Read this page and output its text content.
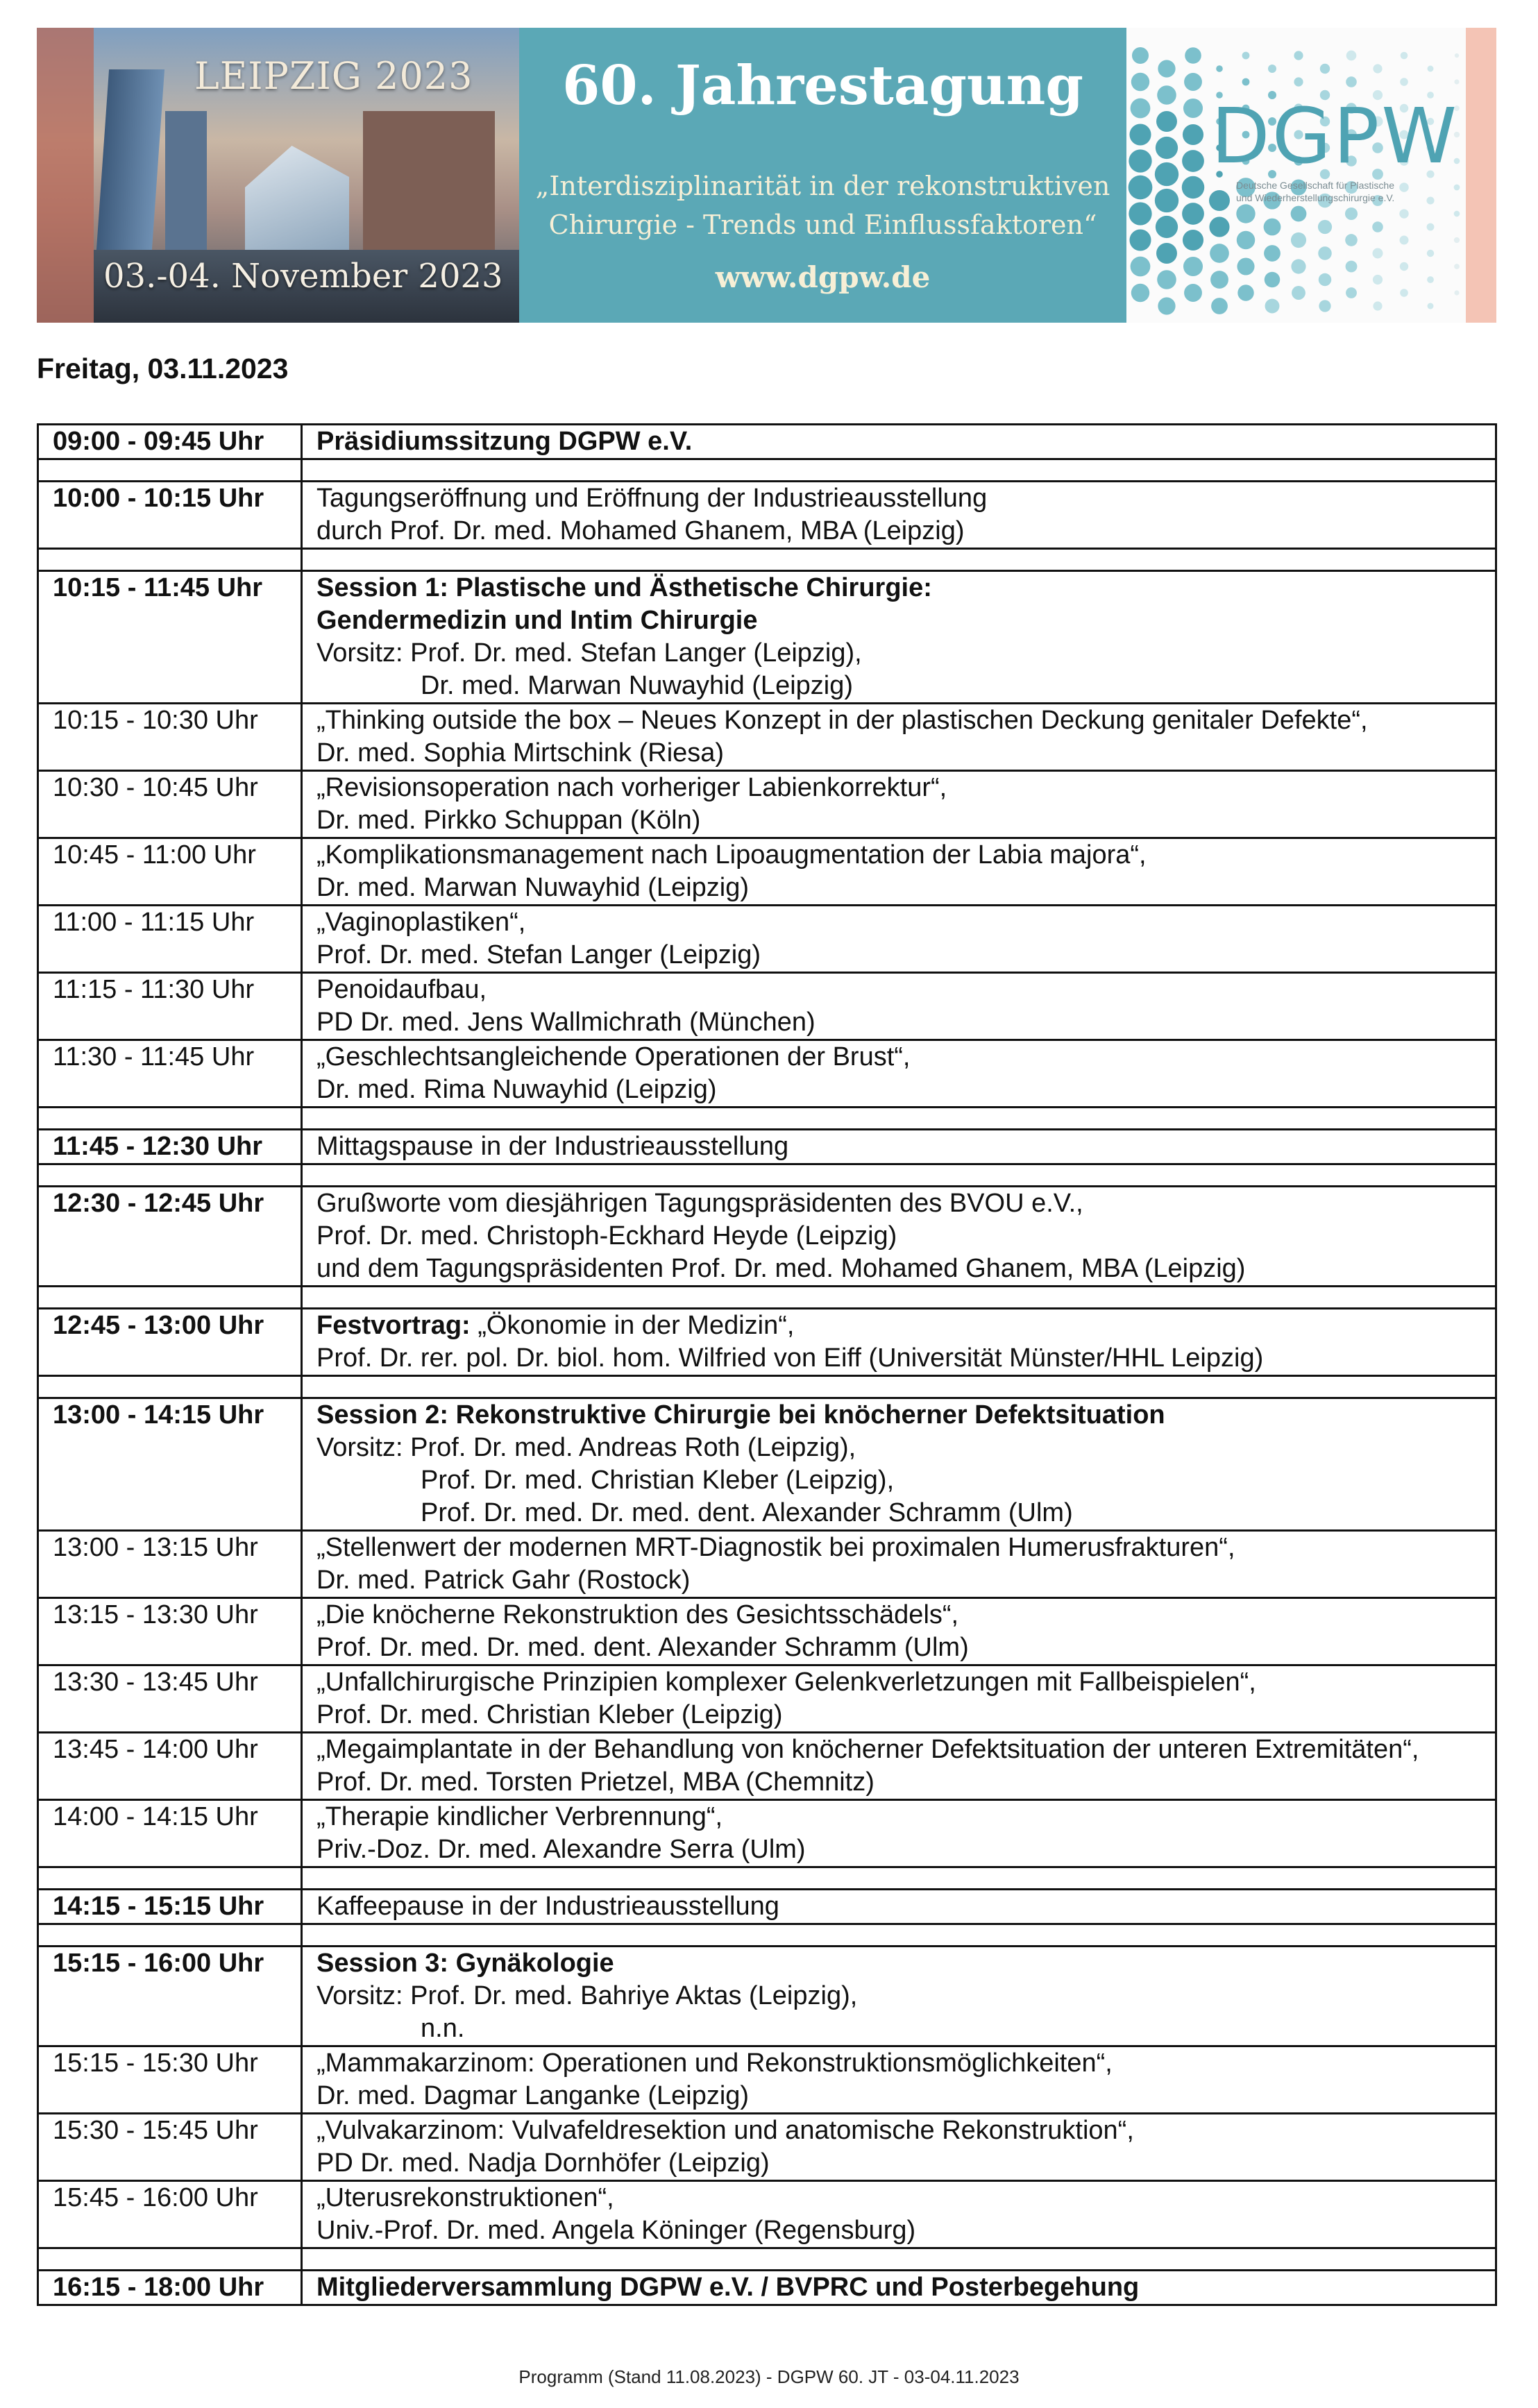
LEIPZIG 2023
03.-04. November 2023
60. Jahrestagung
„Interdisziplinarität in der rekonstruktiven
Chirurgie - Trends und Einflussfaktoren“
www.dgpw.de
DGPW
Deutsche Gesellschaft für Plastische
und Wiederherstellungschirurgie e.V.
Freitag, 03.11.2023
09:00 - 09:45 Uhr	Präsidiumssitzung DGPW e.V.

10:00 - 10:15 Uhr	Tagungseröffnung und Eröffnung der Industrieausstellung
durch Prof. Dr. med. Mohamed Ghanem, MBA (Leipzig)

10:15 - 11:45 Uhr	Session 1: Plastische und Ästhetische Chirurgie:
Gendermedizin und Intim Chirurgie
Vorsitz: Prof. Dr. med. Stefan Langer (Leipzig),
Dr. med. Marwan Nuwayhid (Leipzig)

10:15 - 10:30 Uhr	„Thinking outside the box – Neues Konzept in der plastischen Deckung genitaler Defekte“,
Dr. med. Sophia Mirtschink (Riesa)

10:30 - 10:45 Uhr	„Revisionsoperation nach vorheriger Labienkorrektur“,
Dr. med. Pirkko Schuppan (Köln)

10:45 - 11:00 Uhr	„Komplikationsmanagement nach Lipoaugmentation der Labia majora“,
Dr. med. Marwan Nuwayhid (Leipzig)

11:00 - 11:15 Uhr	„Vaginoplastiken“,
Prof. Dr. med. Stefan Langer (Leipzig)

11:15 - 11:30 Uhr	Penoidaufbau,
PD Dr. med. Jens Wallmichrath (München)

11:30 - 11:45 Uhr	„Geschlechtsangleichende Operationen der Brust“,
Dr. med. Rima Nuwayhid (Leipzig)

11:45 - 12:30 Uhr	Mittagspause in der Industrieausstellung

12:30 - 12:45 Uhr	Grußworte vom diesjährigen Tagungspräsidenten des BVOU e.V.,
Prof. Dr. med. Christoph-Eckhard Heyde (Leipzig)
und dem Tagungspräsidenten Prof. Dr. med. Mohamed Ghanem, MBA (Leipzig)

12:45 - 13:00 Uhr	Festvortrag: „Ökonomie in der Medizin“,
Prof. Dr. rer. pol. Dr. biol. hom. Wilfried von Eiff (Universität Münster/HHL Leipzig)

13:00 - 14:15 Uhr	Session 2: Rekonstruktive Chirurgie bei knöcherner Defektsituation
Vorsitz: Prof. Dr. med. Andreas Roth (Leipzig),
Prof. Dr. med. Christian Kleber (Leipzig),
Prof. Dr. med. Dr. med. dent. Alexander Schramm (Ulm)

13:00 - 13:15 Uhr	„Stellenwert der modernen MRT-Diagnostik bei proximalen Humerusfrakturen“,
Dr. med. Patrick Gahr (Rostock)

13:15 - 13:30 Uhr	„Die knöcherne Rekonstruktion des Gesichtsschädels“,
Prof. Dr. med. Dr. med. dent. Alexander Schramm (Ulm)

13:30 - 13:45 Uhr	„Unfallchirurgische Prinzipien komplexer Gelenkverletzungen mit Fallbeispielen“,
Prof. Dr. med. Christian Kleber (Leipzig)

13:45 - 14:00 Uhr	„Megaimplantate in der Behandlung von knöcherner Defektsituation der unteren Extremitäten“,
Prof. Dr. med. Torsten Prietzel, MBA (Chemnitz)

14:00 - 14:15 Uhr	„Therapie kindlicher Verbrennung“,
Priv.-Doz. Dr. med. Alexandre Serra (Ulm)

14:15 - 15:15 Uhr	Kaffeepause in der Industrieausstellung

15:15 - 16:00 Uhr	Session 3: Gynäkologie
Vorsitz: Prof. Dr. med. Bahriye Aktas (Leipzig),
n.n.

15:15 - 15:30 Uhr	„Mammakarzinom: Operationen und Rekonstruktionsmöglichkeiten“,
Dr. med. Dagmar Langanke (Leipzig)

15:30 - 15:45 Uhr	„Vulvakarzinom: Vulvafeldresektion und anatomische Rekonstruktion“,
PD Dr. med. Nadja Dornhöfer (Leipzig)

15:45 - 16:00 Uhr	„Uterusrekonstruktionen“,
Univ.-Prof. Dr. med. Angela Köninger (Regensburg)

16:15 - 18:00 Uhr	Mitgliederversammlung DGPW e.V. / BVPRC und Posterbegehung
Programm (Stand 11.08.2023) - DGPW 60. JT - 03-04.11.2023
